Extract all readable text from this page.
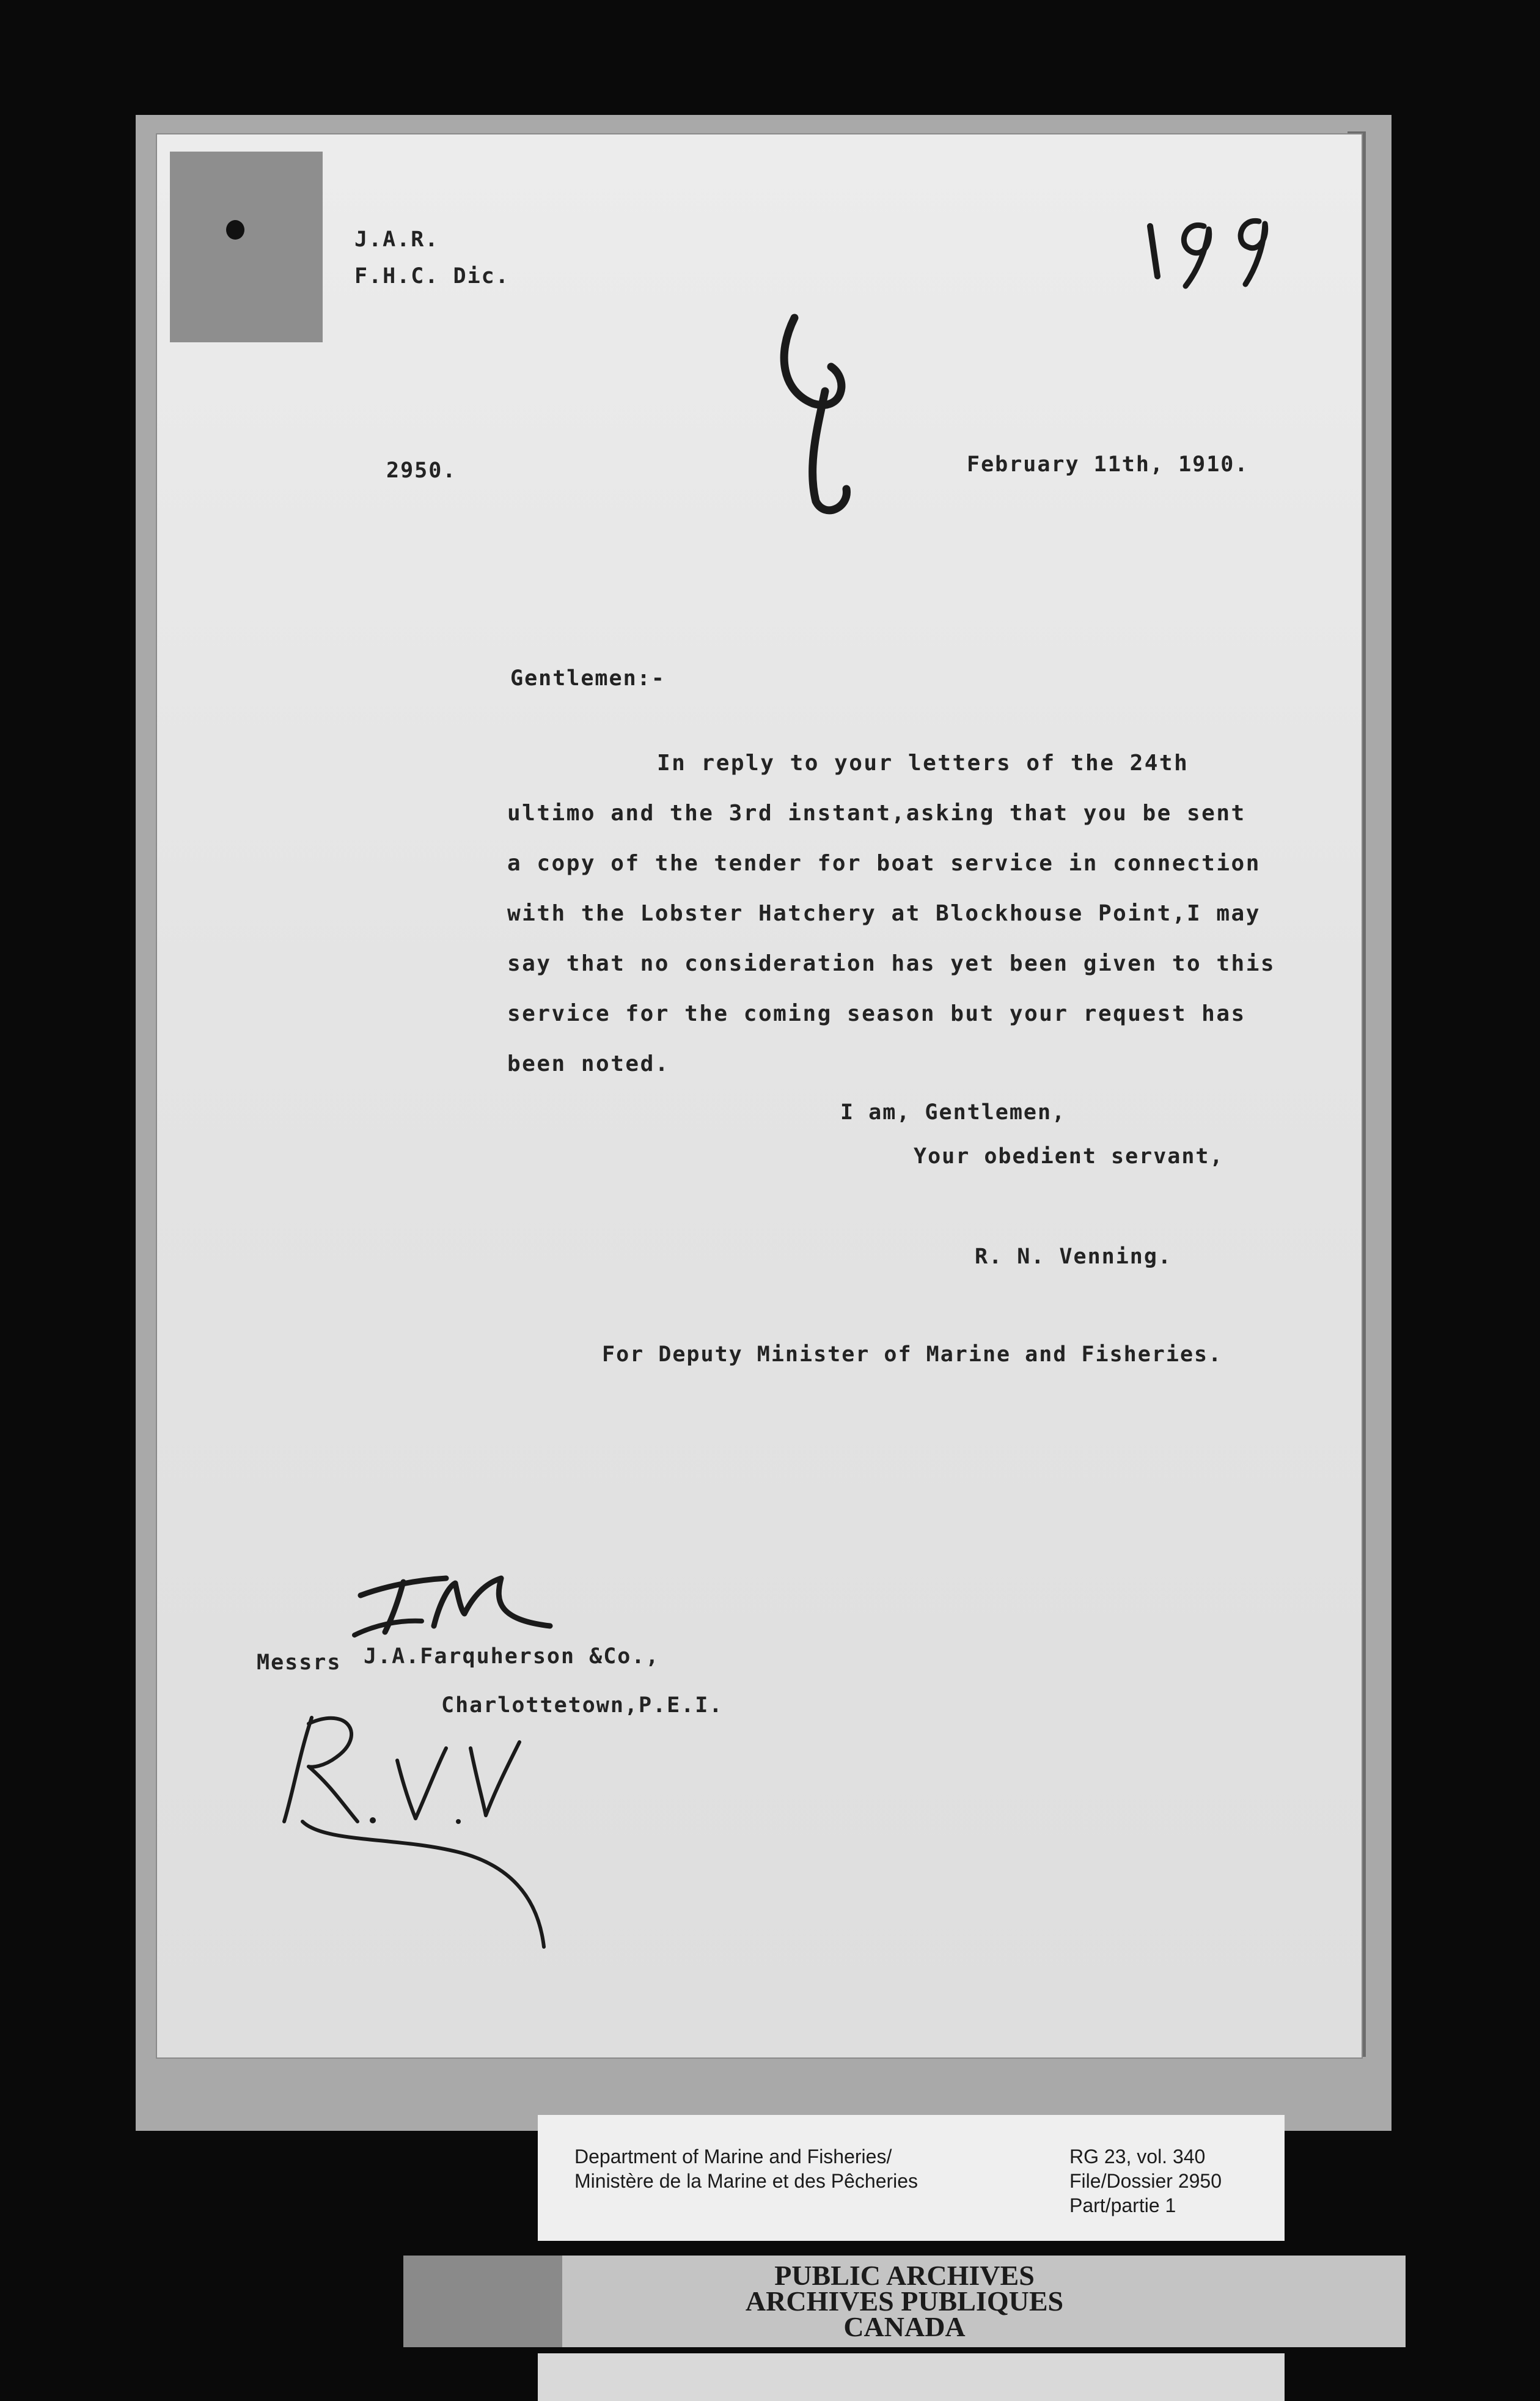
J.A.R.
F.H.C. Dic.
2950.	February 11th, 1910.
Gentlemen:-
In reply to your letters of the 24th
ultimo and the 3rd instant,asking that you be sent
a copy of the tender for boat service in connection
with the Lobster Hatchery at Blockhouse Point,I may
say that no consideration has yet been given to this
service for the coming season but your request has
been noted.
I am, Gentlemen,
Your obedient servant,
R. N. Venning.
For Deputy Minister of Marine and Fisheries.
Messrs J.A.Farquherson &Co.,
Charlottetown,P.E.I.
Department of Marine and Fisheries/
Ministère de la Marine et des Pêcheries
RG 23, vol. 340
File/Dossier 2950
Part/partie 1
PUBLIC ARCHIVES
ARCHIVES PUBLIQUES
CANADA
